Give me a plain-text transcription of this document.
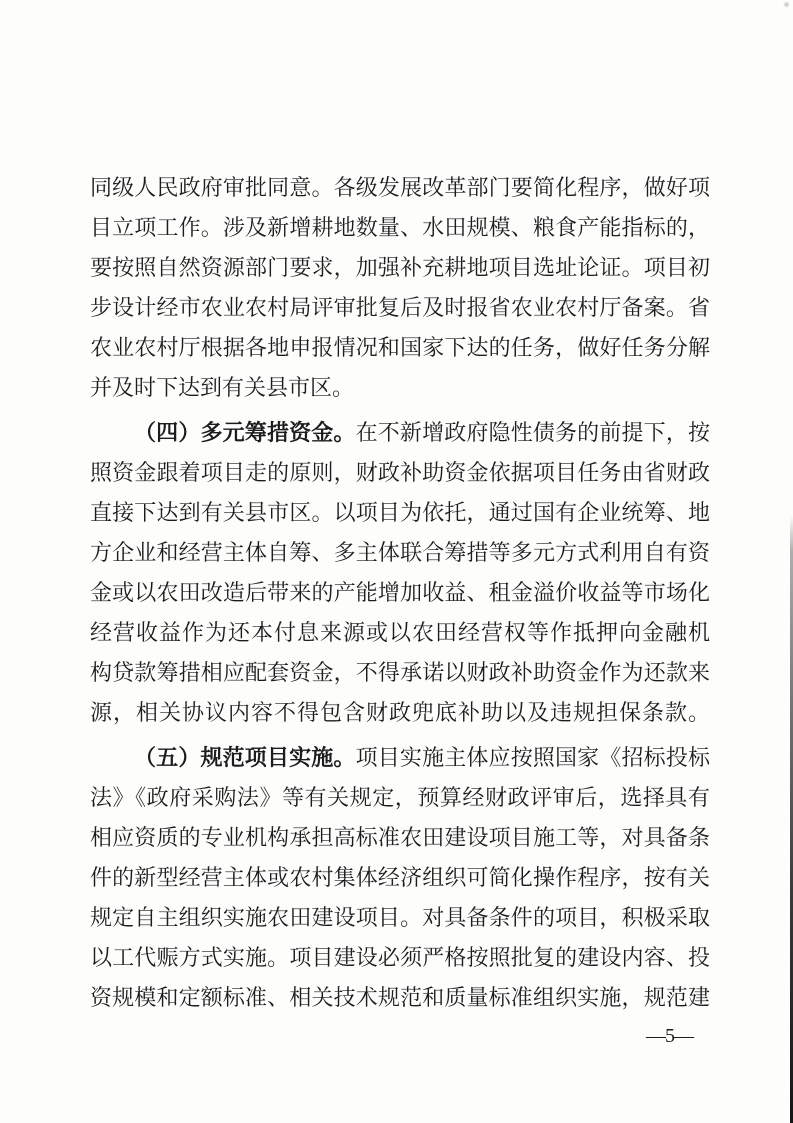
同级人民政府审批同意。各级发展改革部门要简化程序，做好项
目立项工作。涉及新增耕地数量、水田规模、粮食产能指标的，
要按照自然资源部门要求，加强补充耕地项目选址论证。项目初
步设计经市农业农村局评审批复后及时报省农业农村厅备案。省
农业农村厅根据各地申报情况和国家下达的任务，做好任务分解
并及时下达到有关县市区。
（四）多元筹措资金。在不新增政府隐性债务的前提下，按
照资金跟着项目走的原则，财政补助资金依据项目任务由省财政
直接下达到有关县市区。以项目为依托，通过国有企业统筹、地
方企业和经营主体自筹、多主体联合筹措等多元方式利用自有资
金或以农田改造后带来的产能增加收益、租金溢价收益等市场化
经营收益作为还本付息来源或以农田经营权等作抵押向金融机
构贷款筹措相应配套资金，不得承诺以财政补助资金作为还款来
源，相关协议内容不得包含财政兜底补助以及违规担保条款。
（五）规范项目实施。项目实施主体应按照国家《招标投标
法》《政府采购法》等有关规定，预算经财政评审后，选择具有
相应资质的专业机构承担高标准农田建设项目施工等，对具备条
件的新型经营主体或农村集体经济组织可简化操作程序，按有关
规定自主组织实施农田建设项目。对具备条件的项目，积极采取
以工代赈方式实施。项目建设必须严格按照批复的建设内容、投
资规模和定额标准、相关技术规范和质量标准组织实施，规范建
—5—
